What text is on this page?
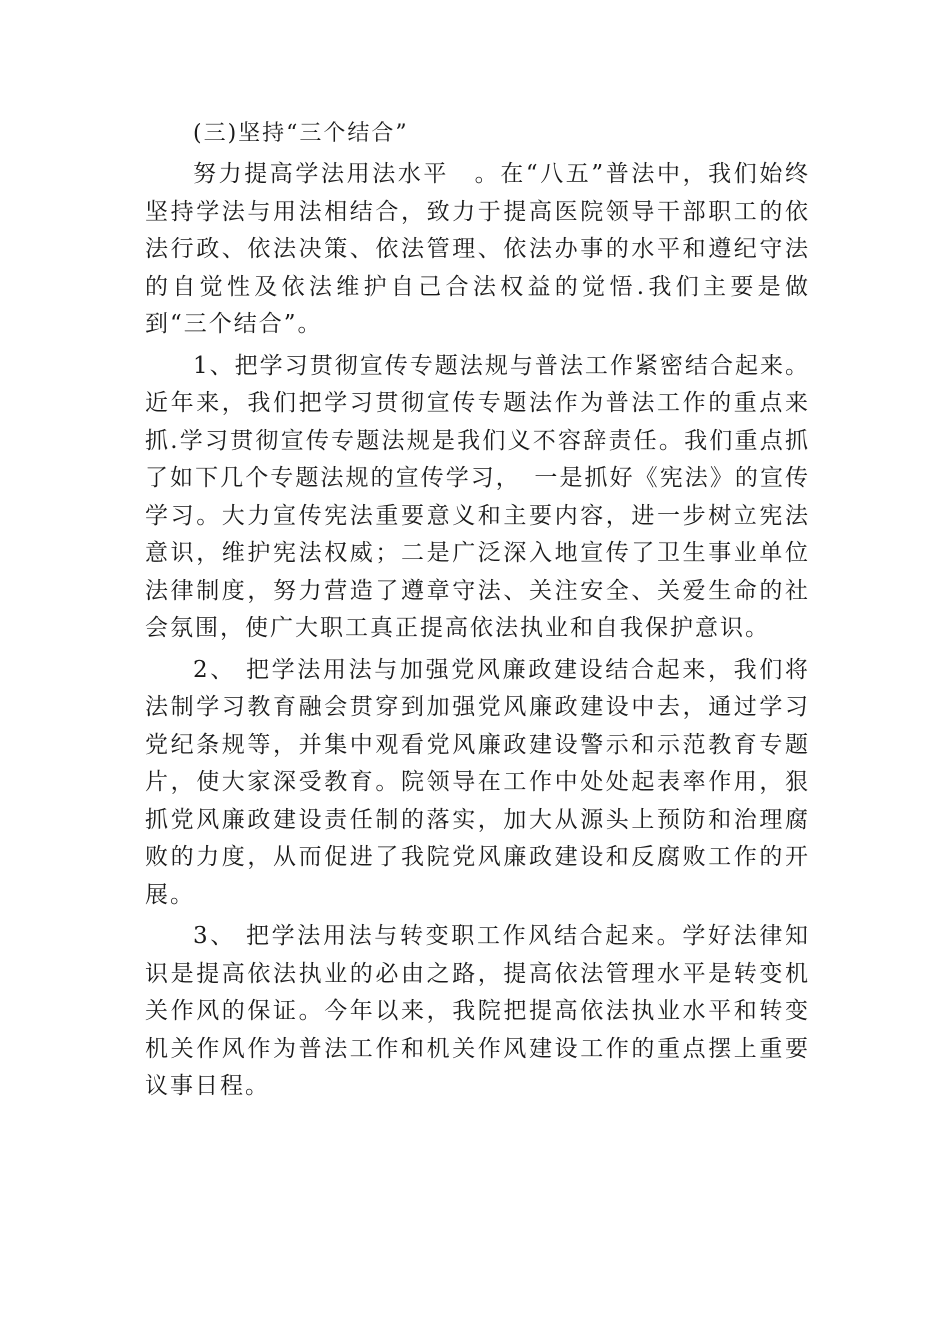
(三)坚持“三个结合”

努力提高学法用法水平　。在“八五”普法中，我们始终坚持学法与用法相结合，致力于提高医院领导干部职工的依法行政、依法决策、依法管理、依法办事的水平和遵纪守法的自觉性及依法维护自己合法权益的觉悟.我们主要是做到“三个结合”。

1、把学习贯彻宣传专题法规与普法工作紧密结合起来。近年来，我们把学习贯彻宣传专题法作为普法工作的重点来抓.学习贯彻宣传专题法规是我们义不容辞责任。我们重点抓了如下几个专题法规的宣传学习，　一是抓好《宪法》的宣传学习。大力宣传宪法重要意义和主要内容，进一步树立宪法意识，维护宪法权威；二是广泛深入地宣传了卫生事业单位法律制度，努力营造了遵章守法、关注安全、关爱生命的社会氛围，使广大职工真正提高依法执业和自我保护意识。

2、 把学法用法与加强党风廉政建设结合起来，我们将法制学习教育融会贯穿到加强党风廉政建设中去，通过学习党纪条规等，并集中观看党风廉政建设警示和示范教育专题片，使大家深受教育。院领导在工作中处处起表率作用，狠抓党风廉政建设责任制的落实，加大从源头上预防和治理腐败的力度，从而促进了我院党风廉政建设和反腐败工作的开展。

3、 把学法用法与转变职工作风结合起来。学好法律知识是提高依法执业的必由之路，提高依法管理水平是转变机关作风的保证。今年以来，我院把提高依法执业水平和转变机关作风作为普法工作和机关作风建设工作的重点摆上重要议事日程。
